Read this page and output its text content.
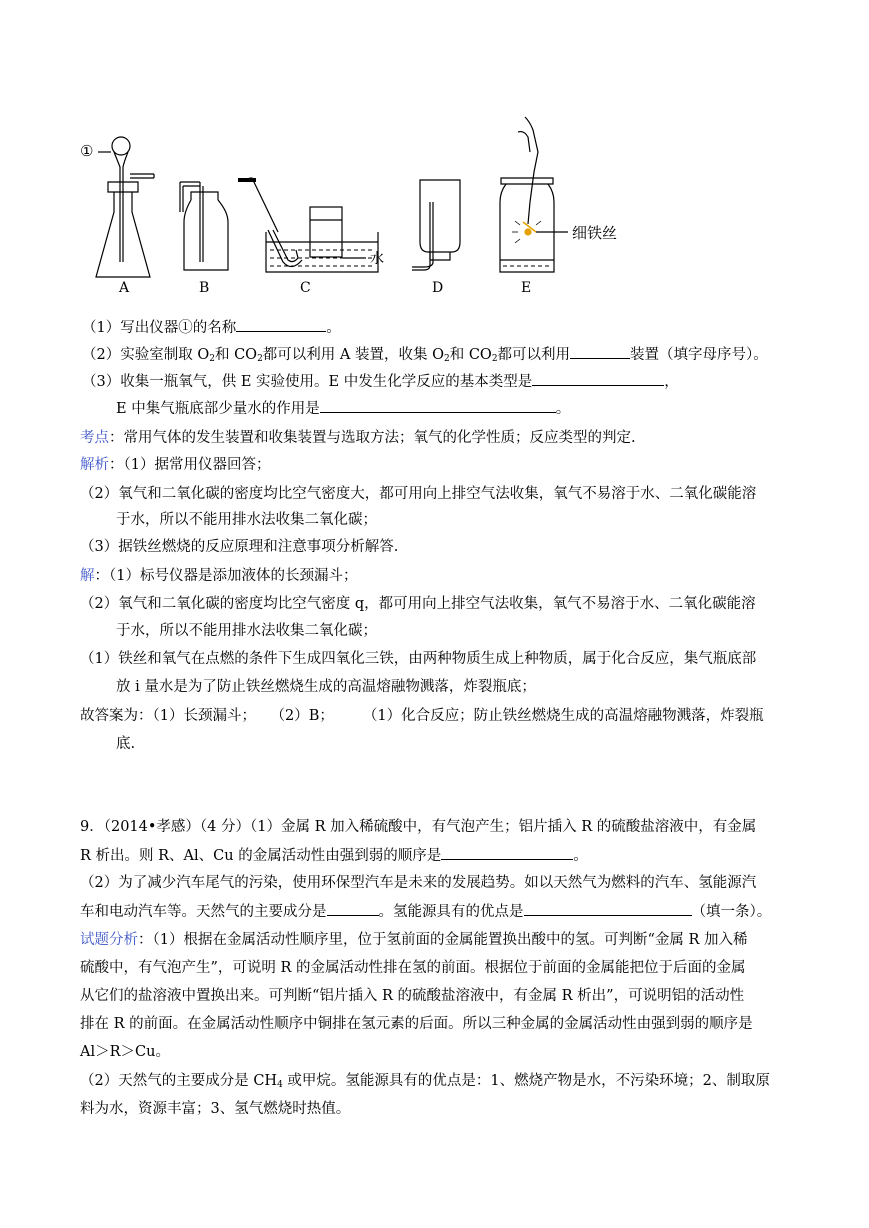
①
A	B
水
C	D
细铁丝
E
（1）写出仪器①的名称	。
（2）实验室制取 $O_2$和 $CO_2$都可以利用 A 装置，收集 $O_2$和 $CO_2$都可以利用	装置（填字母序号）。
（3）收集一瓶氧气，供 E 实验使用。E 中发生化学反应的基本类型是	，
E 中集气瓶底部少量水的作用是	。
考点：常用气体的发生装置和收集装置与选取方法；氧气的化学性质；反应类型的判定.
解析：（1）据常用仪器回答；
（2）氧气和二氧化碳的密度均比空气密度大，都可用向上排空气法收集，氧气不易溶于水、二氧化碳能溶
于水，所以不能用排水法收集二氧化碳；
（3）据铁丝燃烧的反应原理和注意事项分析解答.
解：（1）标号仪器是添加液体的长颈漏斗；
（2）氧气和二氧化碳的密度均比空气密度 q，都可用向上排空气法收集，氧气不易溶于水、二氧化碳能溶
于水，所以不能用排水法收集二氧化碳；
（1）铁丝和氧气在点燃的条件下生成四氧化三铁，由两种物质生成上种物质，属于化合反应，集气瓶底部
放 i 量水是为了防止铁丝燃烧生成的高温熔融物溅落，炸裂瓶底；
故答案为：（1）长颈漏斗；　　（2）B；　　　（1）化合反应；防止铁丝燃烧生成的高温熔融物溅落，炸裂瓶
底.
9．（2014•孝感）（4 分）（1）金属 R 加入稀硫酸中，有气泡产生；铝片插入 R 的硫酸盐溶液中，有金属
R 析出。则 R、Al、Cu 的金属活动性由强到弱的顺序是	。
（2）为了减少汽车尾气的污染，使用环保型汽车是未来的发展趋势。如以天然气为燃料的汽车、氢能源汽
车和电动汽车等。天然气的主要成分是	。氢能源具有的优点是	（填一条）。
试题分析：（1）根据在金属活动性顺序里，位于氢前面的金属能置换出酸中的氢。可判断“金属 R 加入稀
硫酸中，有气泡产生”，可说明 R 的金属活动性排在氢的前面。根据位于前面的金属能把位于后面的金属
从它们的盐溶液中置换出来。可判断“铝片插入 R 的硫酸盐溶液中，有金属 R 析出”，可说明铝的活动性
排在 R 的前面。在金属活动性顺序中铜排在氢元素的后面。所以三种金属的金属活动性由强到弱的顺序是
Al＞R＞Cu。
（2）天然气的主要成分是 $CH_4$ 或甲烷。氢能源具有的优点是：1、燃烧产物是水，不污染环境；2、制取原
料为水，资源丰富；3、氢气燃烧时热值。
